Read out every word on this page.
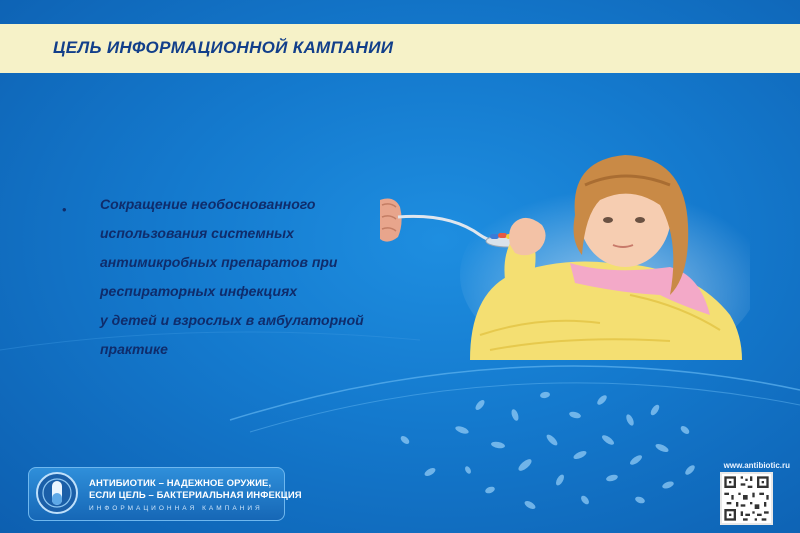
ЦЕЛЬ ИНФОРМАЦИОННОЙ КАМПАНИИ
• Сокращение необоснованного
использования системных
антимикробных препаратов при
респираторных инфекциях
у детей и взрослых в амбулаторной
практике
АНТИБИОТИК – НАДЕЖНОЕ ОРУЖИЕ,
ЕСЛИ ЦЕЛЬ – БАКТЕРИАЛЬНАЯ ИНФЕКЦИЯ
ИНФОРМАЦИОННАЯ КАМПАНИЯ
www.antibiotic.ru
